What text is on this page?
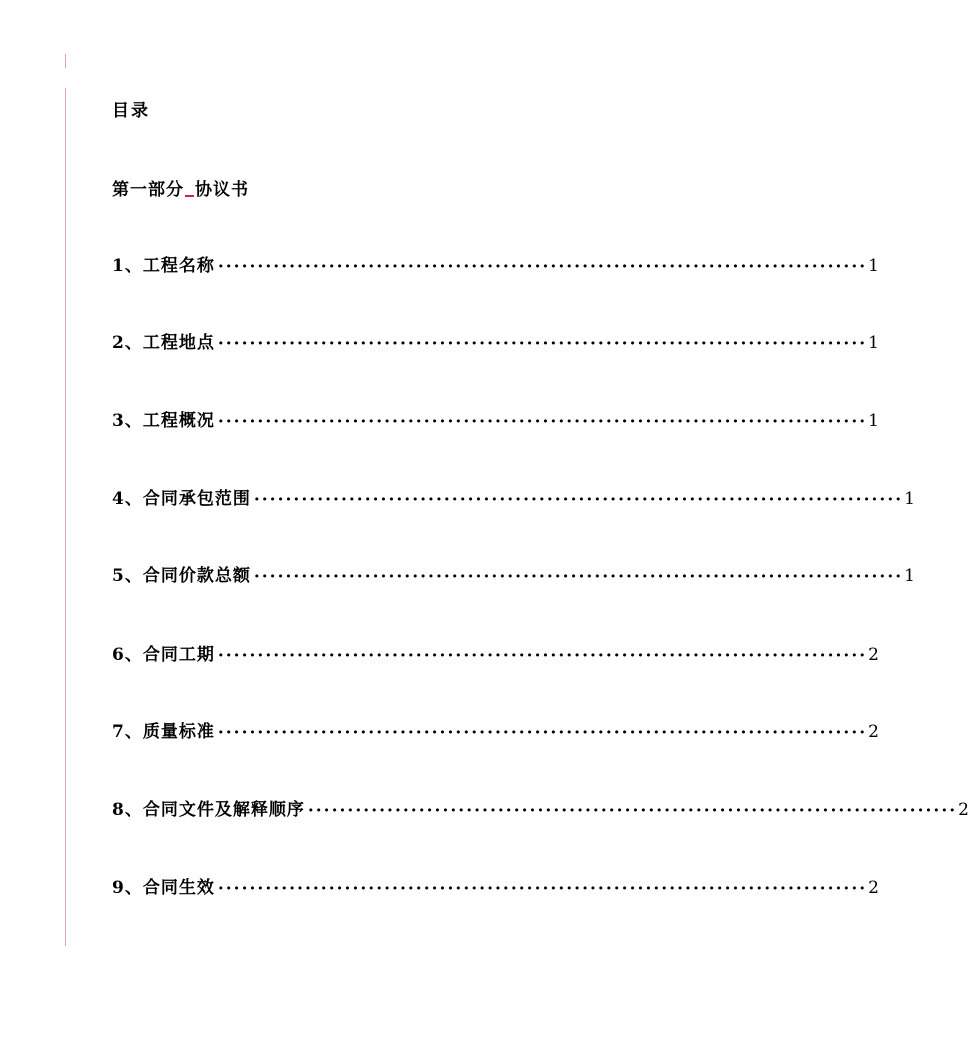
目录
第一部分 协议书
1、工程名称 ·················································································· 1
2、工程地点 ·················································································· 1
3、工程概况 ·················································································· 1
4、合同承包范围 ·················································································· 1
5、合同价款总额 ·················································································· 1
6、合同工期 ·················································································· 2
7、质量标准 ·················································································· 2
8、合同文件及解释顺序 ·················································································· 2
9、合同生效 ·················································································· 2
